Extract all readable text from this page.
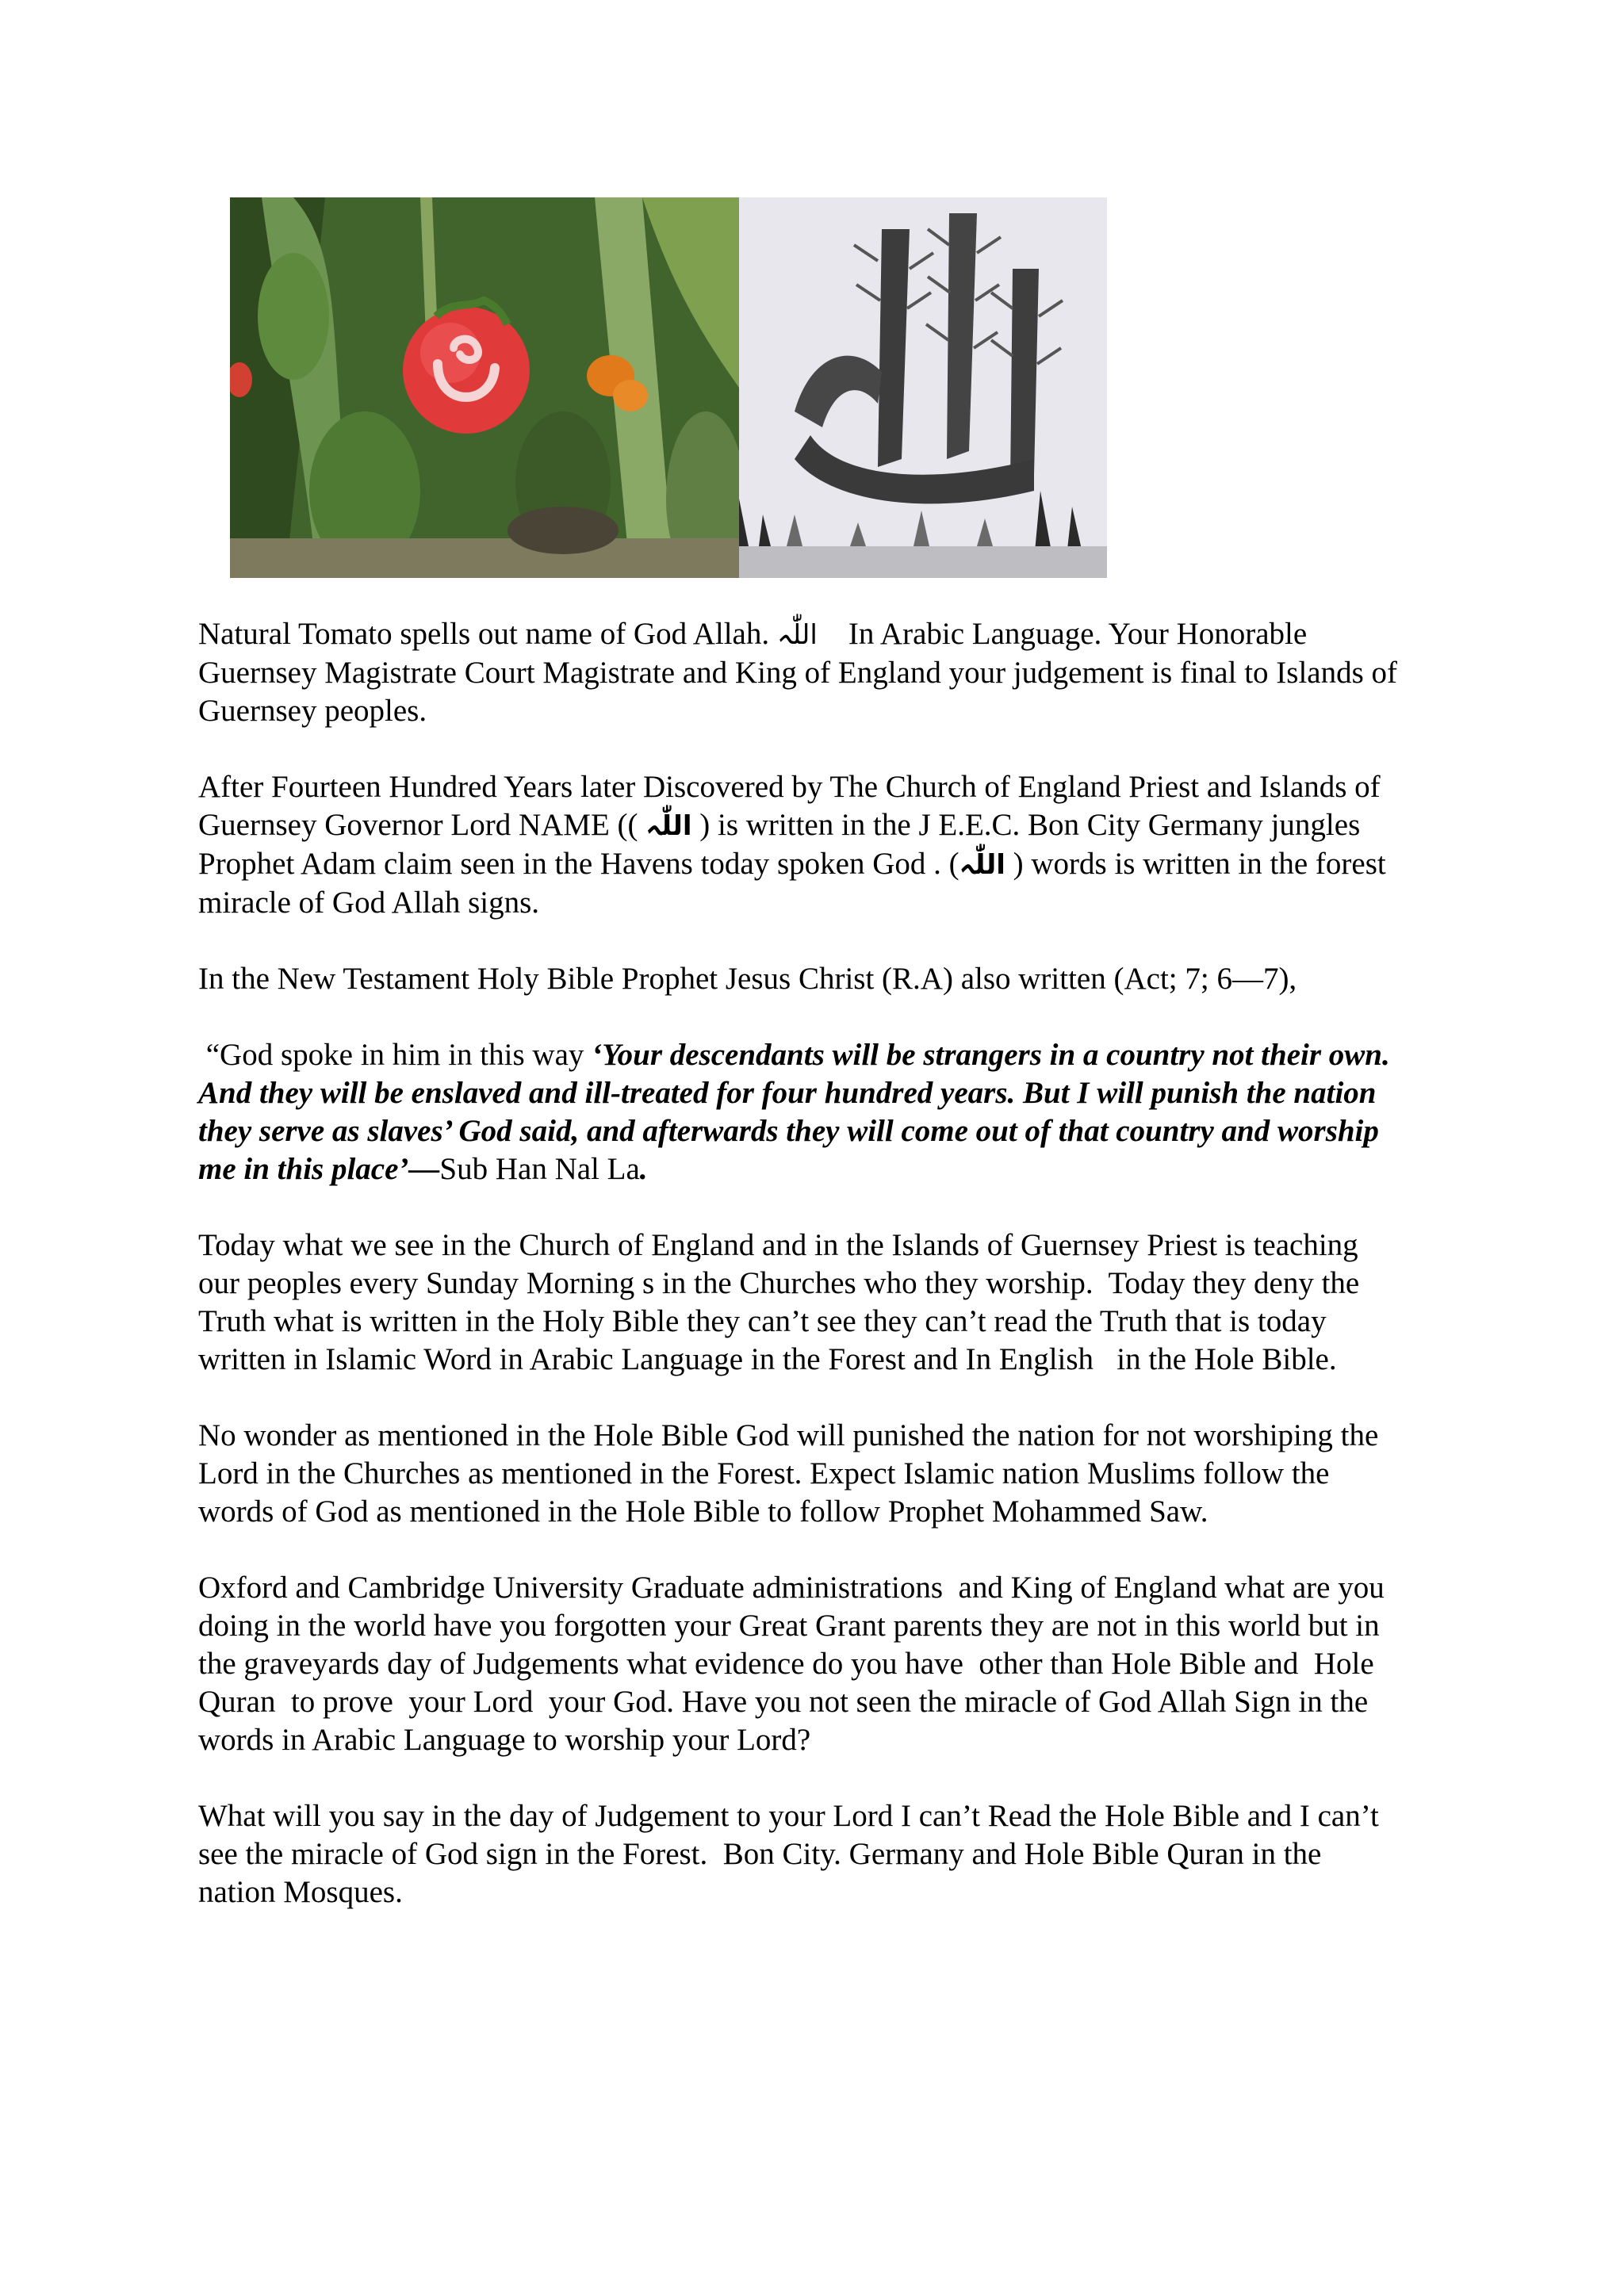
Natural Tomato spells out name of God Allah. اللّٰہ    In Arabic Language. Your Honorable Guernsey Magistrate Court Magistrate and King of England your judgement is final to Islands of Guernsey peoples.

After Fourteen Hundred Years later Discovered by The Church of England Priest and Islands of Guernsey Governor Lord NAME (( اللّٰہ ) is written in the J E.E.C. Bon City Germany jungles Prophet Adam claim seen in the Havens today spoken God . (اللّٰہ ) words is written in the forest miracle of God Allah signs.

In the New Testament Holy Bible Prophet Jesus Christ (R.A) also written (Act; 7; 6—7),

“God spoke in him in this way ‘Your descendants will be strangers in a country not their own. And they will be enslaved and ill-treated for four hundred years. But I will punish the nation they serve as slaves’ God said, and afterwards they will come out of that country and worship me in this place’—Sub Han Nal La.

Today what we see in the Church of England and in the Islands of Guernsey Priest is teaching our peoples every Sunday Morning s in the Churches who they worship.  Today they deny the Truth what is written in the Holy Bible they can’t see they can’t read the Truth that is today written in Islamic Word in Arabic Language in the Forest and In English   in the Hole Bible.

No wonder as mentioned in the Hole Bible God will punished the nation for not worshiping the Lord in the Churches as mentioned in the Forest. Expect Islamic nation Muslims follow the words of God as mentioned in the Hole Bible to follow Prophet Mohammed Saw.

Oxford and Cambridge University Graduate administrations  and King of England what are you doing in the world have you forgotten your Great Grant parents they are not in this world but in the graveyards day of Judgements what evidence do you have  other than Hole Bible and  Hole Quran  to prove  your Lord  your God. Have you not seen the miracle of God Allah Sign in the words in Arabic Language to worship your Lord?

What will you say in the day of Judgement to your Lord I can’t Read the Hole Bible and I can’t see the miracle of God sign in the Forest.  Bon City. Germany and Hole Bible Quran in the nation Mosques.
